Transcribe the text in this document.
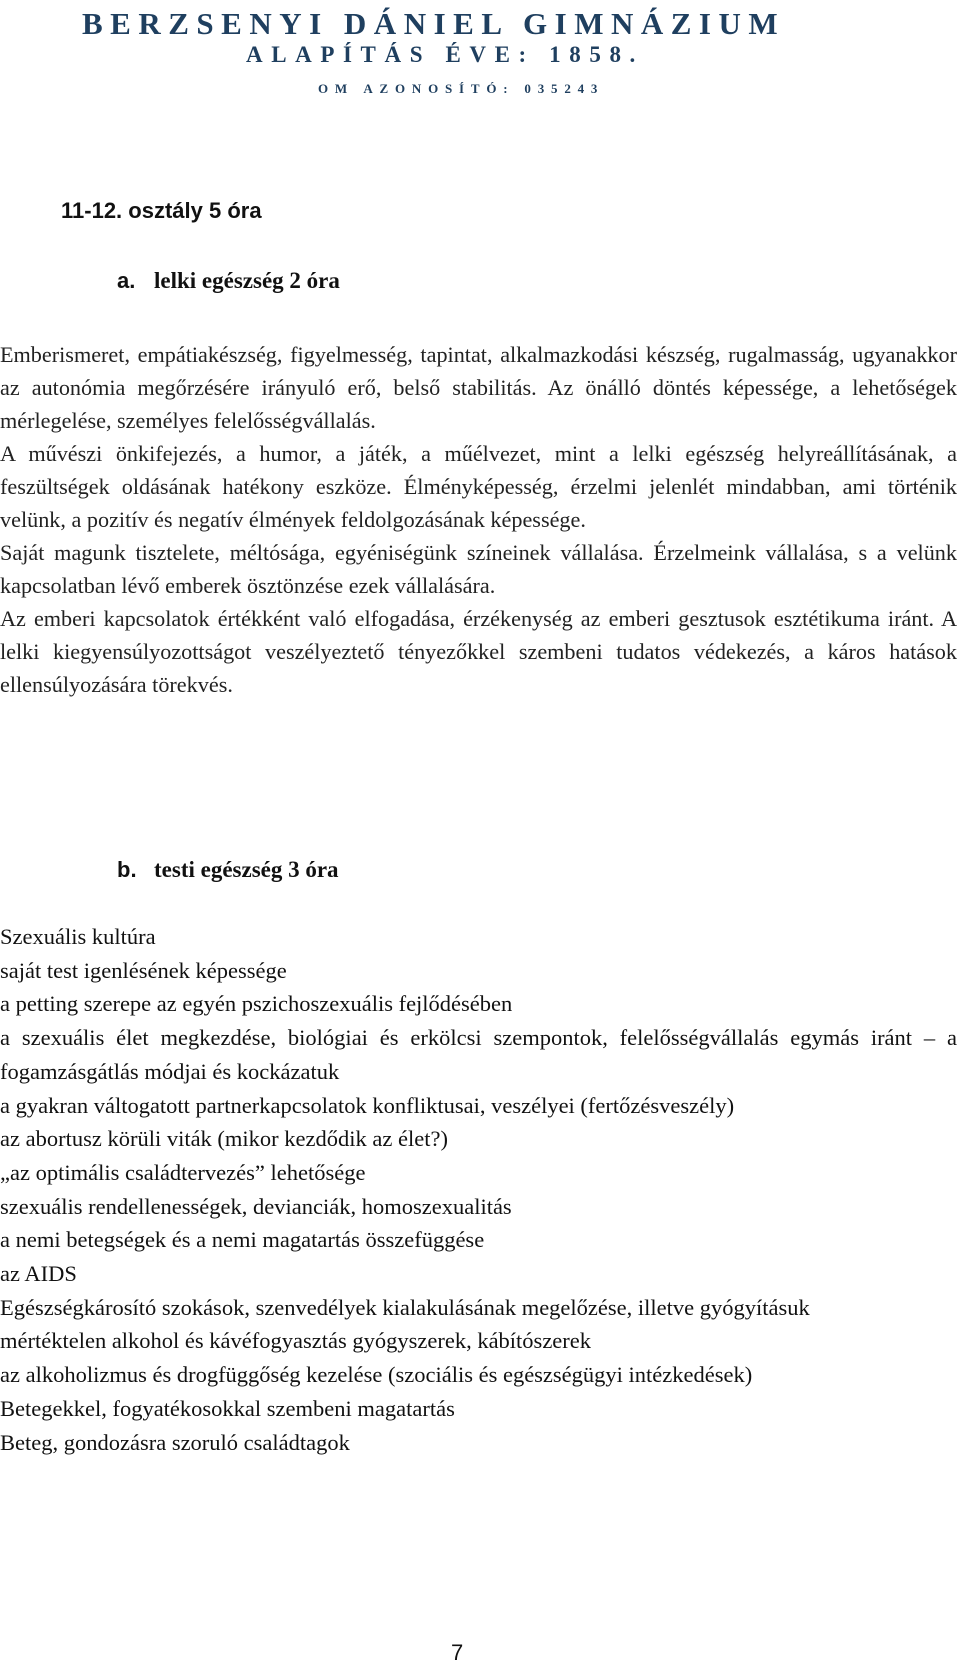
BERZSENYI DÁNIEL GIMNÁZIUM
ALAPÍTÁS ÉVE: 1858.
OM AZONOSÍTÓ: 035243
11-12. osztály 5 óra
a. lelki egészség 2 óra

Emberismeret, empátiakészség, figyelmesség, tapintat, alkalmazkodási készség, rugalmasság, ugyanakkor az autonómia megőrzésére irányuló erő, belső stabilitás. Az önálló döntés képessége, a lehetőségek mérlegelése, személyes felelősségvállalás.

A művészi önkifejezés, a humor, a játék, a műélvezet, mint a lelki egészség helyreállításának, a feszültségek oldásának hatékony eszköze. Élményképesség, érzelmi jelenlét mindabban, ami történik velünk, a pozitív és negatív élmények feldolgozásának képessége.

Saját magunk tisztelete, méltósága, egyéniségünk színeinek vállalása. Érzelmeink vállalása, s a velünk kapcsolatban lévő emberek ösztönzése ezek vállalására.

Az emberi kapcsolatok értékként való elfogadása, érzékenység az emberi gesztusok esztétikuma iránt. A lelki kiegyensúlyozottságot veszélyeztető tényezőkkel szembeni tudatos védekezés, a káros hatások ellensúlyozására törekvés.

b. testi egészség 3 óra
Szexuális kultúra
saját test igenlésének képessége
a petting szerepe az egyén pszichoszexuális fejlődésében
a szexuális élet megkezdése, biológiai és erkölcsi szempontok, felelősségvállalás egymás iránt – a fogamzásgátlás módjai és kockázatuk
a gyakran váltogatott partnerkapcsolatok konfliktusai, veszélyei (fertőzésveszély)
az abortusz körüli viták (mikor kezdődik az élet?)
„az optimális családtervezés” lehetősége
szexuális rendellenességek, devianciák, homoszexualitás
a nemi betegségek és a nemi magatartás összefüggése
az AIDS
Egészségkárosító szokások, szenvedélyek kialakulásának megelőzése, illetve gyógyításuk
mértéktelen alkohol és kávéfogyasztás gyógyszerek, kábítószerek
az alkoholizmus és drogfüggőség kezelése (szociális és egészségügyi intézkedések)
Betegekkel, fogyatékosokkal szembeni magatartás
Beteg, gondozásra szoruló családtagok
7
